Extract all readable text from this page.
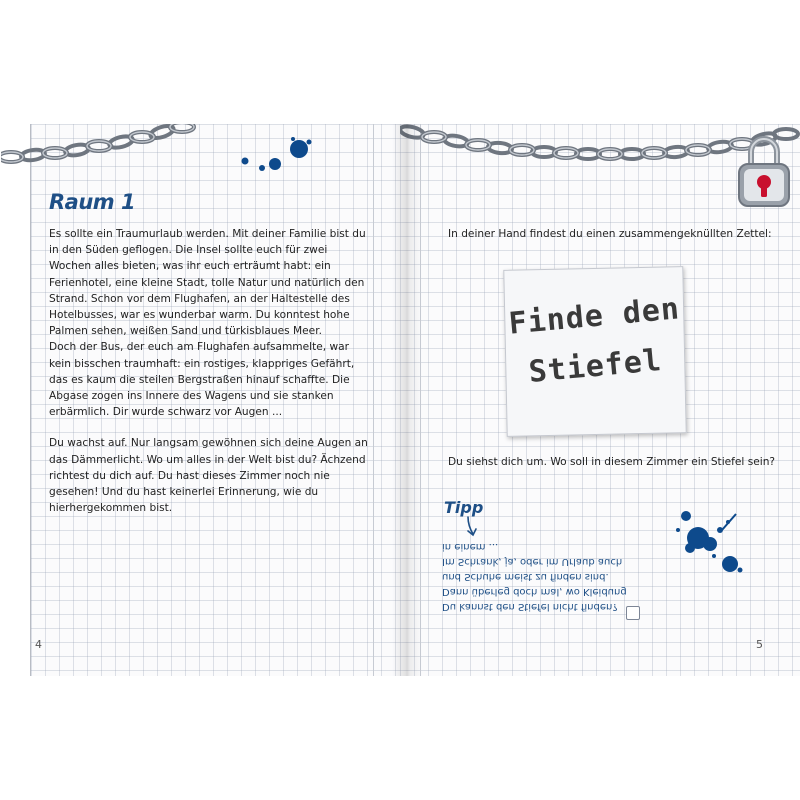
Raum 1

Es sollte ein Traumurlaub werden. Mit deiner Familie bist du in den Süden geflogen. Die Insel sollte euch für zwei Wochen alles bieten, was ihr euch erträumt habt: ein Ferienhotel, eine kleine Stadt, tolle Natur und natürlich den Strand. Schon vor dem Flughafen, an der Haltestelle des Hotelbusses, war es wunderbar warm. Du konntest hohe Palmen sehen, weißen Sand und türkisblaues Meer.

Doch der Bus, der euch am Flughafen aufsammelte, war kein bisschen traumhaft: ein rostiges, klappriges Gefährt, das es kaum die steilen Bergstraßen hinauf schaffte. Die Abgase zogen ins Innere des Wagens und sie stanken erbärmlich. Dir wurde schwarz vor Augen ...

Du wachst auf. Nur langsam gewöhnen sich deine Augen an das Dämmerlicht. Wo um alles in der Welt bist du? Ächzend richtest du dich auf. Du hast dieses Zimmer noch nie gesehen! Und du hast keinerlei Erinnerung, wie du hierhergekommen bist.

4
In deiner Hand findest du einen zusammengeknüllten Zettel:
Finde den
Stiefel
Du siehst dich um. Wo soll in diesem Zimmer ein Stiefel sein?
Tipp

Du kannst den Stiefel nicht finden?

Dann überleg doch mal, wo Kleidung

und Schuhe meist zu finden sind.

Im Schrank, ja, oder im Urlaub auch

in einem ...

5
